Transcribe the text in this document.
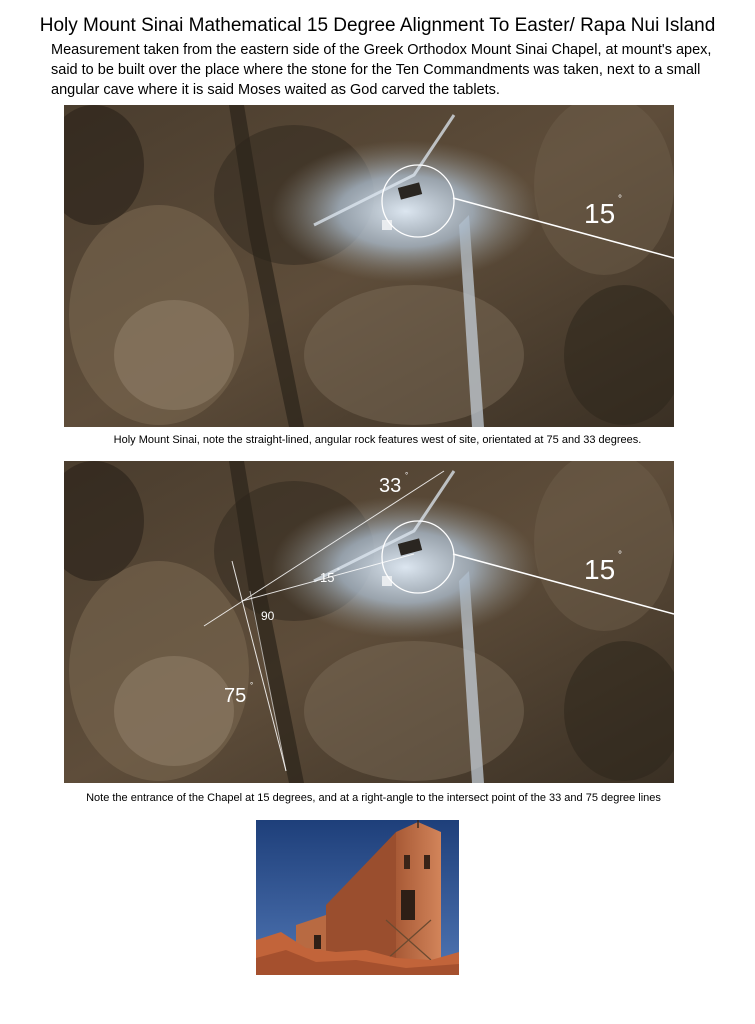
Holy Mount Sinai Mathematical 15 Degree Alignment To Easter/ Rapa Nui Island
Measurement taken from the eastern side of the Greek Orthodox Mount Sinai Chapel, at mount's apex, said to be built over the place where the stone for the Ten Commandments was taken, next to a small angular cave where it is said Moses waited as God carved the tablets.
15 °
Holy Mount Sinai, note the straight-lined, angular rock features west of site, orientated at 75 and 33 degrees.
33 °
15 °
90
75 °
15 °
Note the entrance of the Chapel at 15 degrees, and at a right-angle to the intersect point of the 33 and 75 degree lines
